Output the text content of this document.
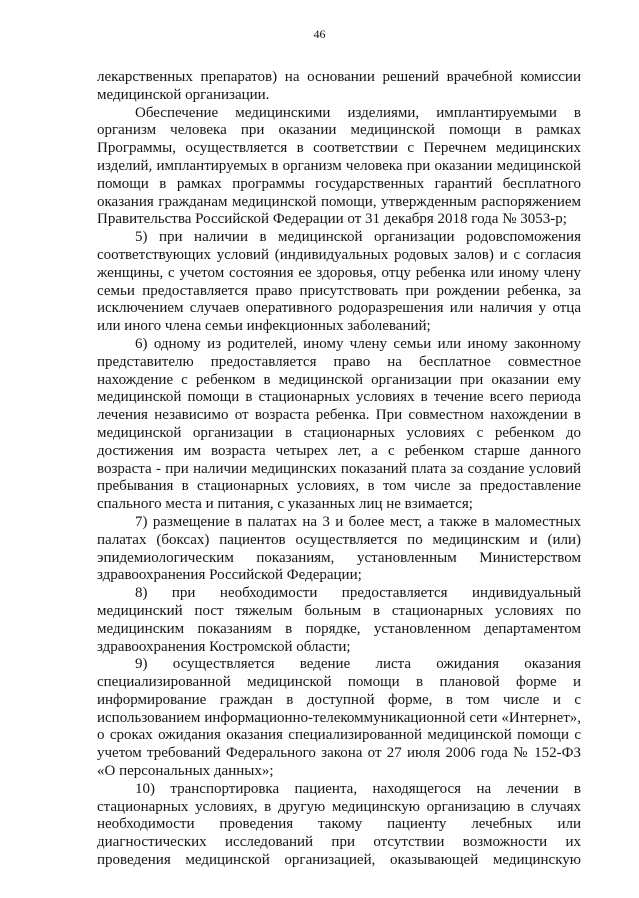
46
лекарственных препаратов) на основании решений врачебной комиссии
медицинской организации.
Обеспечение медицинскими изделиями, имплантируемыми в
организм человека при оказании медицинской помощи в рамках
Программы, осуществляется в соответствии с Перечнем медицинских
изделий, имплантируемых в организм человека при оказании медицинской
помощи в рамках программы государственных гарантий бесплатного
оказания гражданам медицинской помощи, утвержденным распоряжением
Правительства Российской Федерации от 31 декабря 2018 года № 3053-р;
5) при наличии в медицинской организации родовспоможения
соответствующих условий (индивидуальных родовых залов) и с согласия
женщины, с учетом состояния ее здоровья, отцу ребенка или иному члену
семьи предоставляется право присутствовать при рождении ребенка, за
исключением случаев оперативного родоразрешения или наличия у отца
или иного члена семьи инфекционных заболеваний;
6) одному из родителей, иному члену семьи или иному законному
представителю предоставляется право на бесплатное совместное
нахождение с ребенком в медицинской организации при оказании ему
медицинской помощи в стационарных условиях в течение всего периода
лечения независимо от возраста ребенка. При совместном нахождении в
медицинской организации в стационарных условиях с ребенком до
достижения им возраста четырех лет, а с ребенком старше данного
возраста - при наличии медицинских показаний плата за создание условий
пребывания в стационарных условиях, в том числе за предоставление
спального места и питания, с указанных лиц не взимается;
7) размещение в палатах на 3 и более мест, а также в маломестных
палатах (боксах) пациентов осуществляется по медицинским и (или)
эпидемиологическим показаниям, установленным Министерством
здравоохранения Российской Федерации;
8) при необходимости предоставляется индивидуальный
медицинский пост тяжелым больным в стационарных условиях по
медицинским показаниям в порядке, установленном департаментом
здравоохранения Костромской области;
9) осуществляется ведение листа ожидания оказания
специализированной медицинской помощи в плановой форме и
информирование граждан в доступной форме, в том числе и с
использованием информационно-телекоммуникационной сети «Интернет»,
о сроках ожидания оказания специализированной медицинской помощи с
учетом требований Федерального закона от 27 июля 2006 года № 152-ФЗ
«О персональных данных»;
10) транспортировка пациента, находящегося на лечении в
стационарных условиях, в другую медицинскую организацию в случаях
необходимости проведения такому пациенту лечебных или
диагностических исследований при отсутствии возможности их
проведения медицинской организацией, оказывающей медицинскую
